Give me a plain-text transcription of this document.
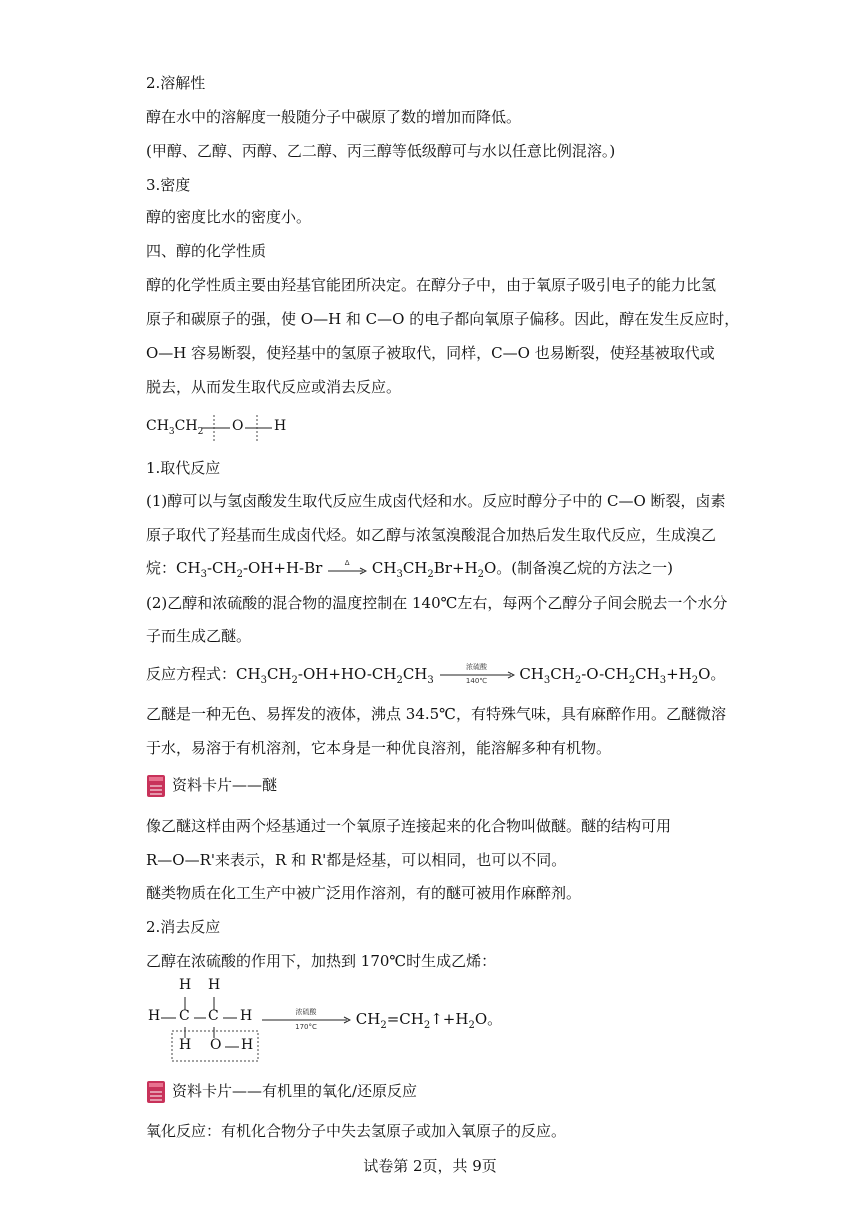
2.溶解性
醇在水中的溶解度一般随分子中碳原了数的增加而降低。
(甲醇、乙醇、丙醇、乙二醇、丙三醇等低级醇可与水以任意比例混溶。)
3.密度
醇的密度比水的密度小。
四、醇的化学性质
醇的化学性质主要由羟基官能团所决定。在醇分子中，由于氧原子吸引电子的能力比氢
原子和碳原子的强，使 O—H 和 C—O 的电子都向氧原子偏移。因此，醇在发生反应时，
O—H 容易断裂，使羟基中的氢原子被取代，同样，C—O 也易断裂，使羟基被取代或
脱去，从而发生取代反应或消去反应。
$CH_3CH_2$ O H
1.取代反应
(1)醇可以与氢卤酸发生取代反应生成卤代烃和水。反应时醇分子中的 C—O 断裂，卤素
原子取代了羟基而生成卤代烃。如乙醇与浓氢溴酸混合加热后发生取代反应，生成溴乙
烷：$CH_3-CH_2-OH+H-Br$	Δ	$CH_3CH_2Br+H_2O$。(制备溴乙烷的方法之一)
(2)乙醇和浓硫酸的混合物的温度控制在 140℃左右，每两个乙醇分子间会脱去一个水分
子而生成乙醚。
反应方程式：$CH_3CH_2-OH+HO-CH_2CH_3$
浓硫酸
140℃	$CH_3CH_2-O-CH_2CH_3+H_2O$。
乙醚是一种无色、易挥发的液体，沸点 34.5℃，有特殊气味，具有麻醉作用。乙醚微溶
于水，易溶于有机溶剂，它本身是一种优良溶剂，能溶解多种有机物。
资料卡片——醚
像乙醚这样由两个烃基通过一个氧原子连接起来的化合物叫做醚。醚的结构可用
R—O—R'来表示，R 和 R'都是烃基，可以相同，也可以不同。
醚类物质在化工生产中被广泛用作溶剂，有的醚可被用作麻醉剂。
2.消去反应
乙醇在浓硫酸的作用下，加热到 170℃时生成乙烯：
H H
H C C H
H O H
浓硫酸
170°C	$CH_2=CH_2↑+H_2O$。
资料卡片——有机里的氧化/还原反应
氧化反应：有机化合物分子中失去氢原子或加入氧原子的反应。
试卷第 2页，共 9页
